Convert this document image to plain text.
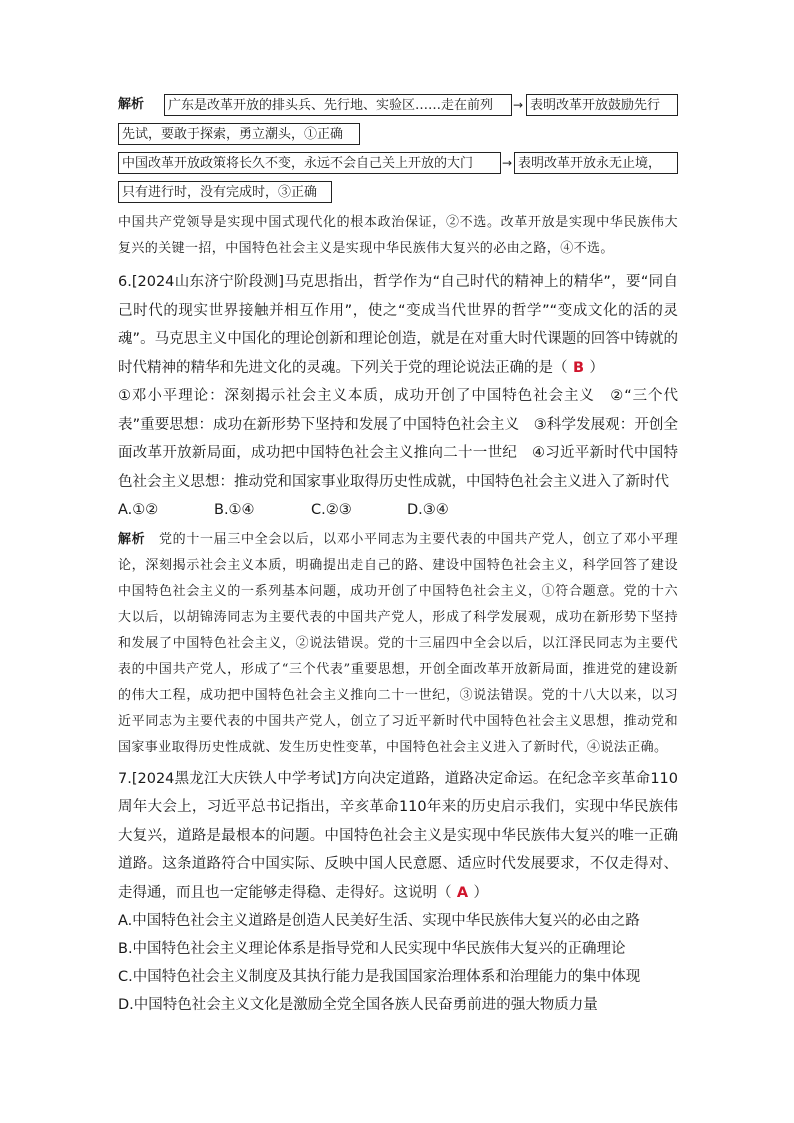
解析	广东是改革开放的排头兵、先行地、实验区……走在前列	→ 表明改革开放鼓励先行
先试，要敢于探索，勇立潮头，①正确
中国改革开放政策将长久不变，永远不会自己关上开放的大门	→ 表明改革开放永无止境，
只有进行时，没有完成时，③正确
中国共产党领导是实现中国式现代化的根本政治保证，②不选。改革开放是实现中华民族伟大复兴的关键一招，中国特色社会主义是实现中华民族伟大复兴的必由之路，④不选。
6.[2024山东济宁阶段测]马克思指出，哲学作为“自己时代的精神上的精华”，要“同自己时代的现实世界接触并相互作用”，使之“变成当代世界的哲学”“变成文化的活的灵魂”。马克思主义中国化的理论创新和理论创造，就是在对重大时代课题的回答中铸就的时代精神的精华和先进文化的灵魂。下列关于党的理论说法正确的是（ B ）
①邓小平理论：深刻揭示社会主义本质，成功开创了中国特色社会主义　②“三个代表”重要思想：成功在新形势下坚持和发展了中国特色社会主义　③科学发展观：开创全面改革开放新局面，成功把中国特色社会主义推向二十一世纪　④习近平新时代中国特色社会主义思想：推动党和国家事业取得历史性成就，中国特色社会主义进入了新时代
A.①②	B.①④	C.②③	D.③④
解析　 党的十一届三中全会以后，以邓小平同志为主要代表的中国共产党人，创立了邓小平理论，深刻揭示社会主义本质，明确提出走自己的路、建设中国特色社会主义，科学回答了建设中国特色社会主义的一系列基本问题，成功开创了中国特色社会主义，①符合题意。党的十六大以后，以胡锦涛同志为主要代表的中国共产党人，形成了科学发展观，成功在新形势下坚持和发展了中国特色社会主义，②说法错误。党的十三届四中全会以后，以江泽民同志为主要代表的中国共产党人，形成了“三个代表”重要思想，开创全面改革开放新局面，推进党的建设新的伟大工程，成功把中国特色社会主义推向二十一世纪，③说法错误。党的十八大以来，以习近平同志为主要代表的中国共产党人，创立了习近平新时代中国特色社会主义思想，推动党和国家事业取得历史性成就、发生历史性变革，中国特色社会主义进入了新时代，④说法正确。
7.[2024黑龙江大庆铁人中学考试]方向决定道路，道路决定命运。在纪念辛亥革命110周年大会上，习近平总书记指出，辛亥革命110年来的历史启示我们，实现中华民族伟大复兴，道路是最根本的问题。中国特色社会主义是实现中华民族伟大复兴的唯一正确道路。这条道路符合中国实际、反映中国人民意愿、适应时代发展要求，不仅走得对、走得通，而且也一定能够走得稳、走得好。这说明（ A ）
A.中国特色社会主义道路是创造人民美好生活、实现中华民族伟大复兴的必由之路
B.中国特色社会主义理论体系是指导党和人民实现中华民族伟大复兴的正确理论
C.中国特色社会主义制度及其执行能力是我国国家治理体系和治理能力的集中体现
D.中国特色社会主义文化是激励全党全国各族人民奋勇前进的强大物质力量
